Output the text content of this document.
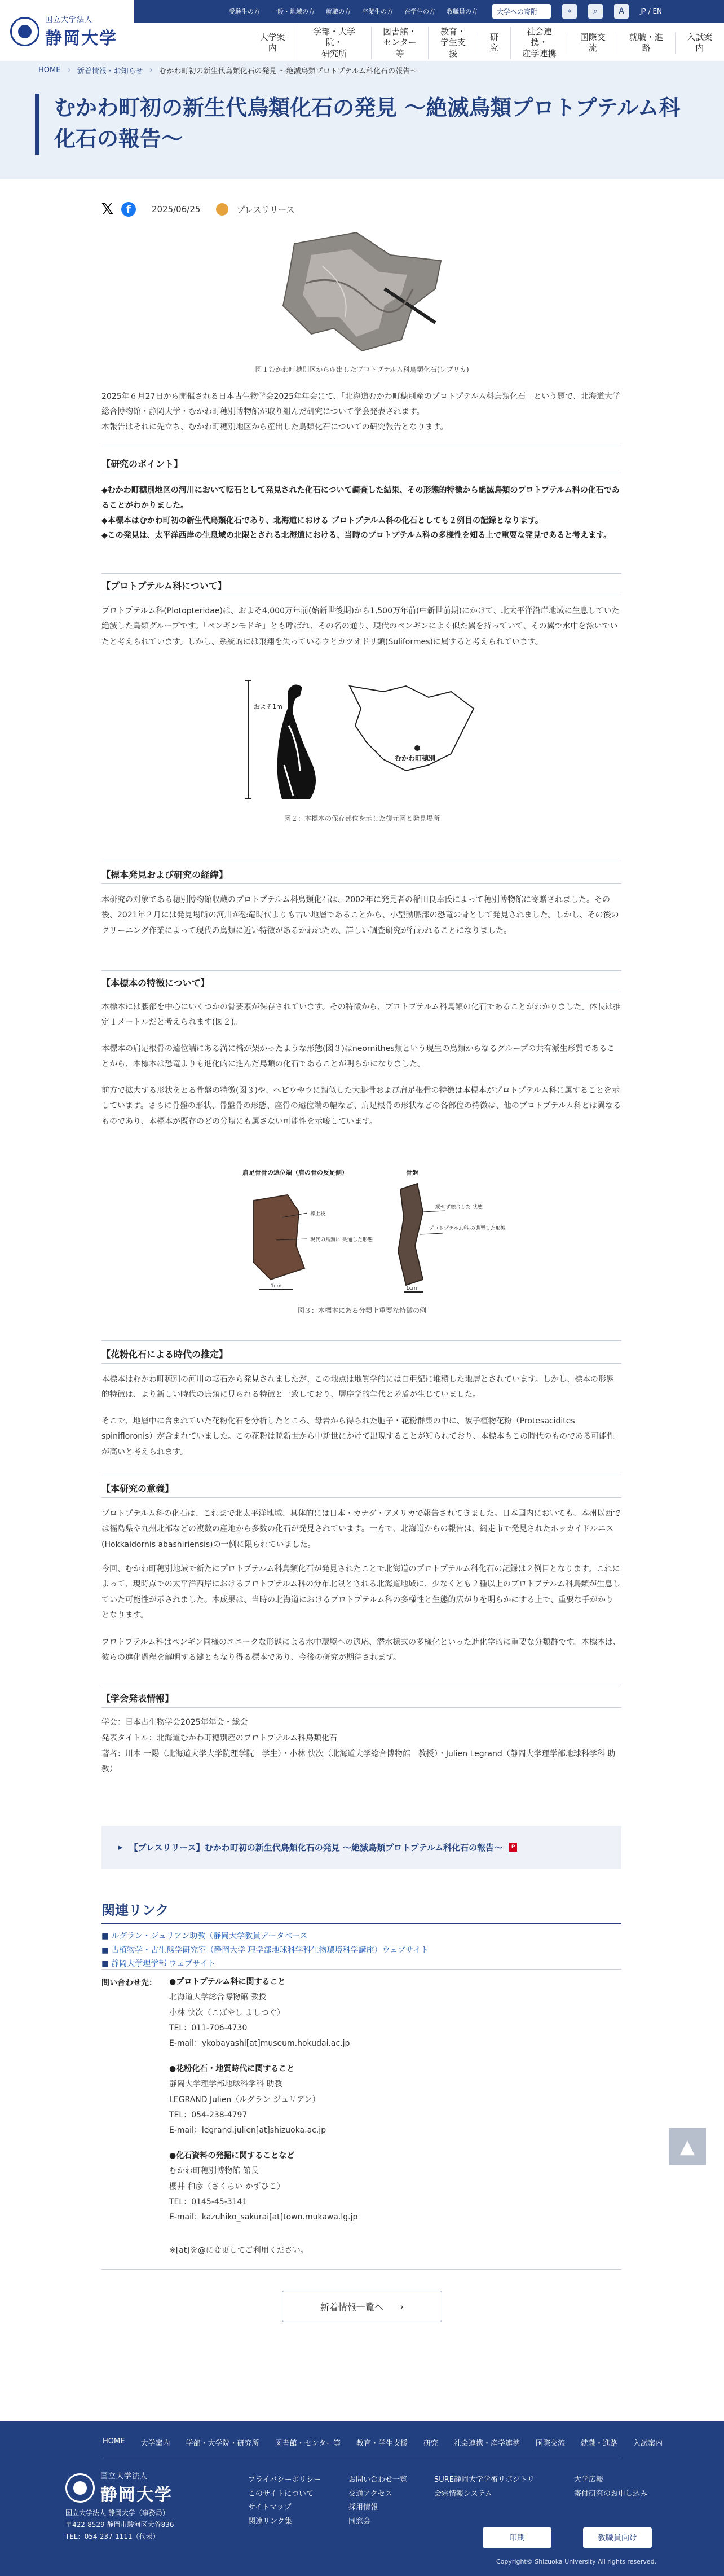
国立大学法人
静岡大学
受験生の方 一般・地域の方 就職の方 卒業生の方 在学生の方 教職員の方	大学への寄附	⌖	⌕	A	JP / EN
大学案内
学部・大学院・
研究所
図書館・
センター等
教育・
学生支援
研究
社会連携・
産学連携
国際交流
就職・進路
入試案内
HOME › 新着情報・お知らせ › むかわ町初の新生代鳥類化石の発見 ～絶滅鳥類プロトプテルム科化石の報告～
むかわ町初の新生代鳥類化石の発見 ～絶滅鳥類プロトプテルム科化石の報告～
𝕏	f	2025/06/25	プレスリリース
図１むかわ町穂別区から産出したプロトプテルム科鳥類化石(レプリカ)

2025年６月27日から開催される日本古生物学会2025年年会にて、「北海道むかわ町穂別産のプロトプテルム科鳥類化石」という題で、北海道大学総合博物館・静岡大学・むかわ町穂別博物館が取り組んだ研究について学会発表されます。

本報告はそれに先立ち、むかわ町穂別地区から産出した鳥類化石についての研究報告となります。

【研究のポイント】

◆むかわ町穂別地区の河川において転石として発見された化石について調査した結果、その形態的特徴から絶滅鳥類のプロトプテルム科の化石であることがわかりました。

◆本標本はむかわ町初の新生代鳥類化石であり、北海道における プロトプテルム科の化石としても２例目の記録となります。

◆この発見は、太平洋西岸の生息域の北限とされる北海道における、当時のプロトプテルム科の多様性を知る上で重要な発見であると考えます。

【プロトプテルム科について】

プロトプテルム科(Plotopteridae)は、およそ4,000万年前(始新世後期)から1,500万年前(中新世前期)にかけて、北太平洋沿岸地域に生息していた絶滅した鳥類グループです。「ペンギンモドキ」とも呼ばれ、その名の通り、現代のペンギンによく似た翼を持っていて、その翼で水中を泳いでいたと考えられています。しかし、系統的には飛翔を失っているウとカツオドリ類(Suliformes)に属すると考えられています。

およそ1m
むかわ町穂別
図２：本標本の保存部位を示した復元図と発見場所
【標本発見および研究の経緯】

本研究の対象である穂別博物館収蔵のプロトプテルム科鳥類化石は、2002年に発見者の稲田良幸氏によって穂別博物館に寄贈されました。その後、2021年２月には発見場所の河川が恐竜時代よりも古い地層であることから、小型動脈部の恐竜の骨として発見されました。しかし、その後のクリーニング作業によって現代の鳥類に近い特徴があるかわれため、詳しい調査研究が行われることになりました。

【本標本の特徴について】

本標本には腰部を中心にいくつかの骨要素が保存されています。その特徴から、プロトプテルム科鳥類の化石であることがわかりました。体長は推定１メートルだと考えられます(図２)。

本標本の肩足根骨の遠位端にある溝に橋が架かったような形態(図３)はneornithes類という現生の鳥類からなるグループの共有派生形質であることから、本標本は恐竜よりも進化的に進んだ鳥類の化石であることが明らかになりました。

前方で拡大する形状をとる骨盤の特徴(図３)や、ヘビウやウに類似した大腿骨および肩足根骨の特徴は本標本がプロトプテルム科に属することを示しています。さらに骨盤の形状、骨盤骨の形態、座骨の遠位端の幅など、肩足根骨の形状などの各部位の特徴は、他のプロトプテルム科とは異なるものであり、本標本が既存のどの分類にも属さない可能性を示唆しています。

肩足骨骨の遠位端（肩の骨の反足側）	骨盤
棒上枝
現代の鳥類に 共通した形態
1cm
縦せず融合した 状態
プロトプテルム科 の典型した形態
1cm
図３：本標本にある分類上重要な特徴の例
【花粉化石による時代の推定】

本標本はむかわ町穂別の河川の転石から発見されましたが、この地点は地質学的には白亜紀に堆積した地層とされています。しかし、標本の形態的特徴は、より新しい時代の鳥類に見られる特徴と一致しており、層序学的年代と矛盾が生じていました。

そこで、地層中に含まれていた花粉化石を分析したところ、母岩から得られた胞子・花粉群集の中に、被子植物花粉（Protesacidites spinifloronis）が含まれていました。この花粉は暁新世から中新世にかけて出現することが知られており、本標本もこの時代のものである可能性が高いと考えられます。

【本研究の意義】

プロトプテルム科の化石は、これまで北太平洋地域、具体的には日本・カナダ・アメリカで報告されてきました。日本国内においても、本州以西では福島県や九州北部などの複数の産地から多数の化石が発見されています。一方で、北海道からの報告は、網走市で発見されたホッカイドルニス(Hokkaidornis abashiriensis)の一例に限られていました。

今回、むかわ町穂別地域で新たにプロトプテルム科鳥類化石が発見されたことで北海道のプロトプテルム科化石の記録は２例目となります。これによって、現時点での太平洋西岸におけるプロトプテルム科の分布北限とされる北海道地域に、少なくとも２種以上のプロトプテルム科鳥類が生息していた可能性が示されました。本成果は、当時の北海道におけるプロトプテルム科の多様性と生態的広がりを明らかにする上で、重要な手がかりとなります。

プロトプテルム科はペンギン同様のユニークな形態による水中環境への適応、潜水様式の多様化といった進化学的に重要な分類群です。本標本は、彼らの進化過程を解明する鍵ともなり得る標本であり、今後の研究が期待されます。

【学会発表情報】

学会：日本古生物学会2025年年会・総会

発表タイトル：北海道むかわ町穂別産のプロトプテルム科鳥類化石

著者：川本 一陽（北海道大学大学院理学院　学生）・小林 快次（北海道大学総合博物館　教授）・Julien Legrand（静岡大学理学部地球科学科 助教）

▸ 【プレスリリース】むかわ町初の新生代鳥類化石の発見 ～絶滅鳥類プロトプテルム科化石の報告～	P
関連リンク
■ ルグラン・ジュリアン助教（静岡大学教員データベース
■ 古植物学・古生態学研究室（静岡大学 理学部地球科学科生物環境科学講座）ウェブサイト
■ 静岡大学理学部 ウェブサイト
問い合わせ先： ●プロトプテルム科に関すること
北海道大学総合博物館 教授
小林 快次（こばやし よしつぐ）
TEL：011-706-4730
E-mail：ykobayashi[at]museum.hokudai.ac.jp
●花粉化石・地質時代に関すること
静岡大学理学部地球科学科 助教
LEGRAND Julien（ルグラン ジュリアン）
TEL：054-238-4797
E-mail：legrand.julien[at]shizuoka.ac.jp
●化石資料の発掘に関することなど
むかわ町穂別博物館 館長
櫻井 和彦（さくらい かずひこ）
TEL：0145-45-3141
E-mail：kazuhiko_sakurai[at]town.mukawa.lg.jp
※[at]を@に変更してご利用ください。
新着情報一覧へ ›
▲
HOME 大学案内 学部・大学院・研究所 図書館・センター等 教育・学生支援 研究 社会連携・産学連携 国際交流 就職・進路 入試案内
国立大学法人
静岡大学
国立大学法人 静岡大学（事務局）
〒422-8529 静岡市駿河区大谷836
TEL：054-237-1111（代表）
プライバシーポリシー
このサイトについて
サイトマップ
関連リンク集
お問い合わせ一覧
交通アクセス
採用情報
同窓会
SURE静岡大学学術リポジトリ
会宗情報システム
大学広報
寄付研究のお申し込み
印刷	教職員向け
Copyright© Shizuoka University All rights reserved.
